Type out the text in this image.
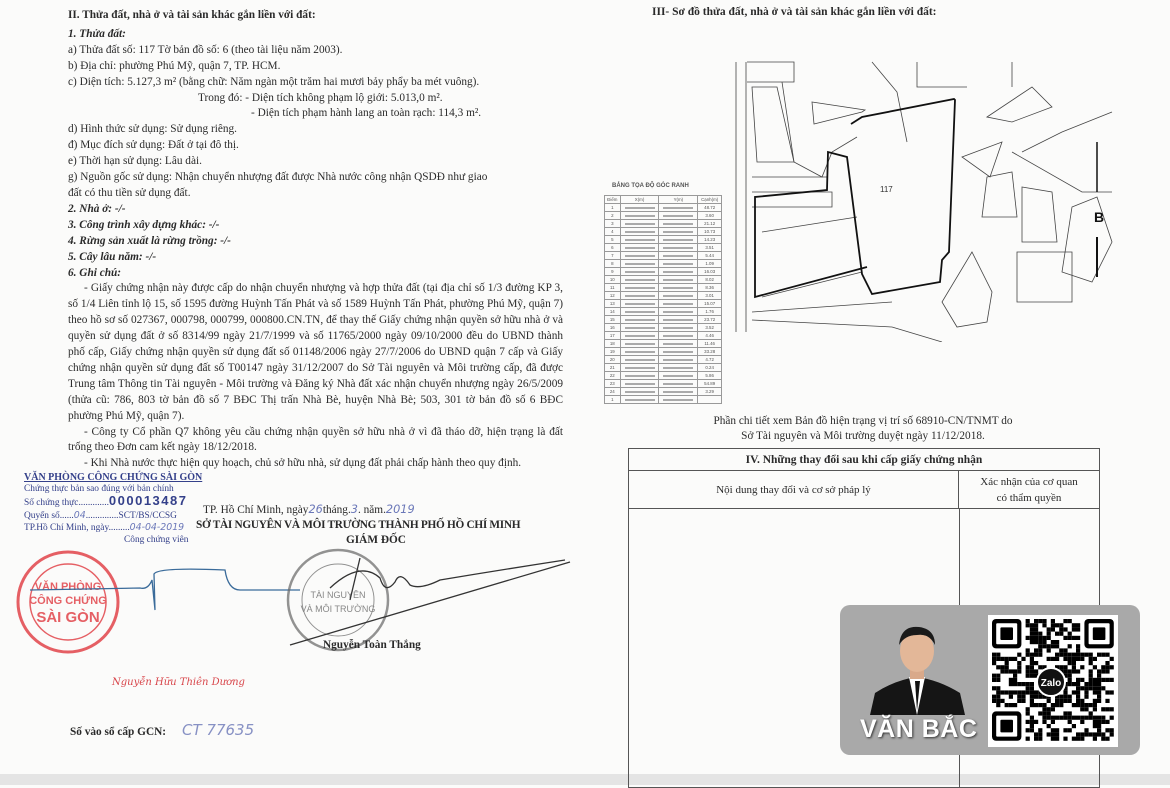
II. Thửa đất, nhà ở và tài sản khác gắn liền với đất:
1. Thửa đất:
a) Thửa đất số: 117 Tờ bản đồ số: 6 (theo tài liệu năm 2003).
b) Địa chỉ: phường Phú Mỹ, quận 7, TP. HCM.
c) Diện tích: 5.127,3 m² (bằng chữ: Năm ngàn một trăm hai mươi bảy phẩy ba mét vuông).
Trong đó: - Diện tích không phạm lộ giới: 5.013,0 m².
- Diện tích phạm hành lang an toàn rạch: 114,3 m².
d) Hình thức sử dụng: Sử dụng riêng.
đ) Mục đích sử dụng: Đất ở tại đô thị.
e) Thời hạn sử dụng: Lâu dài.
g) Nguồn gốc sử dụng: Nhận chuyển nhượng đất được Nhà nước công nhận QSDĐ như giao
đất có thu tiền sử dụng đất.
2. Nhà ở: -/-
3. Công trình xây dựng khác: -/-
4. Rừng sản xuất là rừng trồng: -/-
5. Cây lâu năm: -/-
6. Ghi chú:
- Giấy chứng nhận này được cấp do nhận chuyển nhượng và hợp thửa đất (tại địa chỉ số 1/3 đường KP 3, số 1/4 Liên tỉnh lộ 15, số 1595 đường Huỳnh Tấn Phát và số 1589 Huỳnh Tấn Phát, phường Phú Mỹ, quận 7) theo hồ sơ số 027367, 000798, 000799, 000800.CN.TN, để thay thế Giấy chứng nhận quyền sở hữu nhà ở và quyền sử dụng đất ở số 8314/99 ngày 21/7/1999 và số 11765/2000 ngày 09/10/2000 đều do UBND thành phố cấp, Giấy chứng nhận quyền sử dụng đất số 01148/2006 ngày 27/7/2006 do UBND quận 7 cấp và Giấy chứng nhận quyền sử dụng đất số T00147 ngày 31/12/2007 do Sở Tài nguyên và Môi trường cấp, đã được Trung tâm Thông tin Tài nguyên - Môi trường và Đăng ký Nhà đất xác nhận chuyển nhượng ngày 26/5/2009 (thửa cũ: 786, 803 tờ bản đồ số 7 BĐC Thị trấn Nhà Bè, huyện Nhà Bè; 503, 301 tờ bản đồ số 6 BĐC phường Phú Mỹ, quận 7).
- Công ty Cổ phần Q7 không yêu cầu chứng nhận quyền sở hữu nhà ở vì đã tháo dỡ, hiện trạng là đất trống theo Đơn cam kết ngày 18/12/2018.
- Khi Nhà nước thực hiện quy hoạch, chủ sở hữu nhà, sử dụng đất phải chấp hành theo quy định.
VĂN PHÒNG CÔNG CHỨNG SÀI GÒN
Chứng thực bản sao đúng với bản chính
Số chứng thực.............000013487
Quyển số......04..............SCT/BS/CCSG
TP.Hồ Chí Minh, ngày.........04-04-2019
Công chứng viên
VĂN PHÒNG
CÔNG CHỨNG
SÀI GÒN
TÀI NGUYÊN
VÀ MÔI TRƯỜNG
TP. Hồ Chí Minh, ngày26tháng.3. năm.2019
SỞ TÀI NGUYÊN VÀ MÔI TRƯỜNG THÀNH PHỐ HỒ CHÍ MINH
GIÁM ĐỐC
Nguyễn Toàn Thắng
Nguyễn Hữu Thiên Dương
Số vào sổ cấp GCN: CT 77635
III- Sơ đồ thửa đất, nhà ở và tài sản khác gắn liền với đất:
117
B
BẢNG TỌA ĐỘ GÓC RANH
Điểm	X(m)	Y(m)	Cạnh(m)
1			48.72
2			3.60
3			21.12
4			10.73
5			14.23
6			3.51
7			5.44
8			1.09
9			16.03
10			8.02
11			8.36
12			3.01
13			15.07
14			1.76
15			23.72
16			3.52
17			4.46
18			11.46
19			33.28
20			4.72
21			0.24
22			5.86
23			54.89
24			3.29
1			
Phần chi tiết xem Bản đồ hiện trạng vị trí số 68910-CN/TNMT do
Sở Tài nguyên và Môi trường duyệt ngày 11/12/2018.
IV. Những thay đổi sau khi cấp giấy chứng nhận
Nội dung thay đổi và cơ sở pháp lý
Xác nhận của cơ quan
có thẩm quyền
VĂN BẮC
Zalo
